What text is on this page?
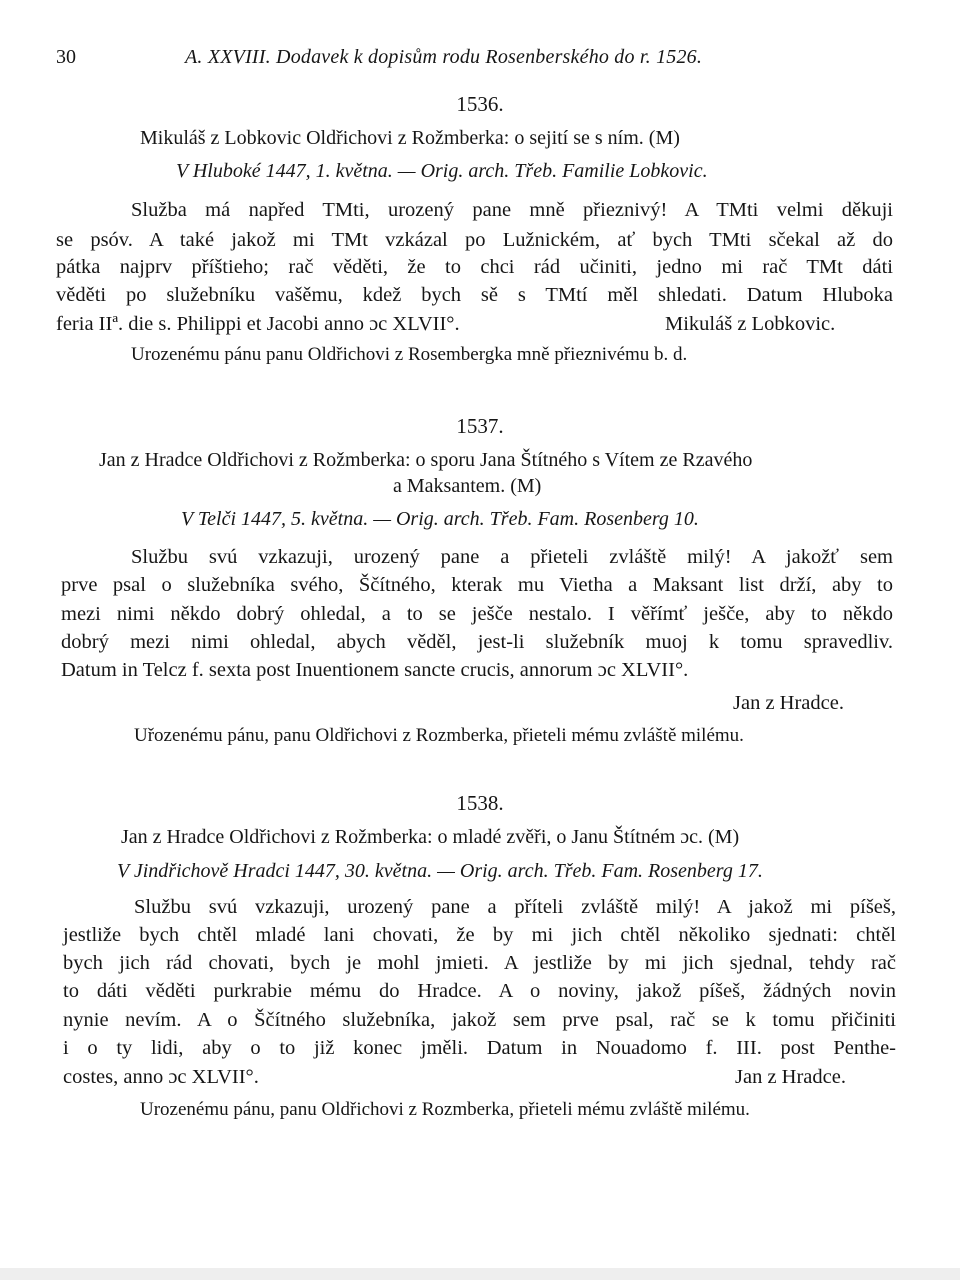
30	A. XXVIII. Dodavek k dopisům rodu Rosenberského do r. 1526.
1536.
Mikuláš z Lobkovic Oldřichovi z Rožmberka: o sejití se s ním. (M)
V Hluboké 1447, 1. května. — Orig. arch. Třeb. Familie Lobkovic.
Služba má napřed TMti, urozený pane mně přieznivý! A TMti velmi děkuji
se psóv. A také jakož mi TMt vzkázal po Lužnickém, ať bych TMti sčekal až do
pátka najprv příštieho; rač věděti, že to chci rád učiniti, jedno mi rač TMt dáti
věděti po služebníku vašěmu, kdež bych sě s TMtí měl shledati. Datum Hluboka
feria IIª. die s. Philippi et Jacobi anno ɔc XLVII°.	Mikuláš z Lobkovic.
Urozenému pánu panu Oldřichovi z Rosembergka mně přieznivému b. d.
1537.
Jan z Hradce Oldřichovi z Rožmberka: o sporu Jana Štítného s Vítem ze Rzavého
a Maksantem. (M)
V Telči 1447, 5. května. — Orig. arch. Třeb. Fam. Rosenberg 10.
Službu svú vzkazuji, urozený pane a přieteli zvláště milý! A jakožť sem
prve psal o služebníka svého, Ščítného, kterak mu Vietha a Maksant list drží, aby to
mezi nimi někdo dobrý ohledal, a to se ješče nestalo. I věřímť ješče, aby to někdo
dobrý mezi nimi ohledal, abych věděl, jest-li služebník muoj k tomu spravedliv.
Datum in Telcz f. sexta post Inuentionem sancte crucis, annorum ɔc XLVII°.
Jan z Hradce.
Uřozenému pánu, panu Oldřichovi z Rozmberka, přieteli mému zvláště milému.
1538.
Jan z Hradce Oldřichovi z Rožmberka: o mladé zvěři, o Janu Štítném ɔc. (M)
V Jindřichově Hradci 1447, 30. května. — Orig. arch. Třeb. Fam. Rosenberg 17.
Službu svú vzkazuji, urozený pane a příteli zvláště milý! A jakož mi píšeš,
jestliže bych chtěl mladé lani chovati, že by mi jich chtěl několiko sjednati: chtěl
bych jich rád chovati, bych je mohl jmieti. A jestliže by mi jich sjednal, tehdy rač
to dáti věděti purkrabie mému do Hradce. A o noviny, jakož píšeš, žádných novin
nynie nevím. A o Ščítného služebníka, jakož sem prve psal, rač se k tomu přičiniti
i o ty lidi, aby o to již konec jměli. Datum in Nouadomo f. III. post Penthe-
costes, anno ɔc XLVII°.	Jan z Hradce.
Urozenému pánu, panu Oldřichovi z Rozmberka, přieteli mému zvláště milému.
